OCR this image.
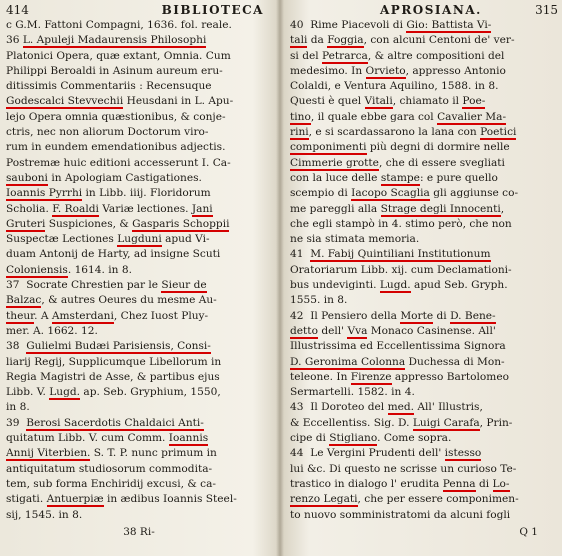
414	BIBLIOTECA
c G.M. Fattoni Compagni, 1636. fol. reale.
36 L. Apuleji Madaurensis Philosophi
Platonici Opera, quæ extant, Omnia. Cum
Philippi Beroaldi in Asinum aureum eru-
ditissimis Commentariis : Recensuque
Godescalci Stevvechii Heusdani in L. Apu-
lejo Opera omnia quæstionibus, & conje-
ctris, nec non aliorum Doctorum viro-
rum in eundem emendationibus adjectis.
Postremæ huic editioni accesserunt I. Ca-
sauboni in Apologiam Castigationes.
Ioannis Pyrrhi in Libb. iiij. Floridorum
Scholia. F. Roaldi Variæ lectiones. Jani
Gruteri Suspiciones, & Gasparis Schoppii
Suspectæ Lectiones Lugduni apud Vi-
duam Antonij de Harty, ad insigne Scuti
Coloniensis. 1614. in 8.
37  Socrate Chrestien par le Sieur de
Balzac, & autres Oeures du mesme Au-
theur. A Amsterdani, Chez Iuost Pluy-
mer. A. 1662. 12.
38  Gulielmi Budæi Parisiensis, Consi-
liarij Regij, Supplicumque Libellorum in
Regia Magistri de Asse, & partibus ejus
Libb. V. Lugd. ap. Seb. Gryphium, 1550,
in 8.
39  Berosi Sacerdotis Chaldaici Anti-
quitatum Libb. V. cum Comm. Ioannis
Annij Viterbien. S. T. P. nunc primum in
antiquitatum studiosorum commodita-
tem, sub forma Enchiridij excusi, & ca-
stigati. Antuerpiæ in ædibus Ioannis Steel-
sij, 1545. in 8.
38 Ri-
APROSIANA.	315
40  Rime Piacevoli di Gio: Battista Vi-
tali da Foggia, con alcuni Centoni de' ver-
si del Petrarca, & altre compositioni del
medesimo. In Orvieto, appresso Antonio
Colaldi, e Ventura Aquilino, 1588. in 8.
Questi è quel Vitali, chiamato il Poe-
tino, il quale ebbe gara col Cavalier Ma-
rini, e si scardassarono la lana con Poetici
componimenti più degni di dormire nelle
Cimmerie grotte, che di essere svegliati
con la luce delle stampe: e pure quello
scempio di Iacopo Scaglia gli aggiunse co-
me pareggli alla Strage degli Innocenti,
che egli stampò in 4. stimo però, che non
ne sia stimata memoria.
41  M. Fabij Quintiliani Institutionum
Oratoriarum Libb. xij. cum Declamationi-
bus undeviginti. Lugd. apud Seb. Gryph.
1555. in 8.
42  Il Pensiero della Morte di D. Bene-
detto dell' Vva Monaco Casinense. All'
Illustrissima ed Eccellentissima Signora
D. Geronima Colonna Duchessa di Mon-
teleone. In Firenze appresso Bartolomeo
Sermartelli. 1582. in 4.
43  Il Doroteo del med. All' Illustris,
& Eccellentiss. Sig. D. Luigi Carafa, Prin-
cipe di Stigliano. Come sopra.
44  Le Vergini Prudenti dell' istesso
lui &c. Di questo ne scrisse un curioso Te-
trastico in dialogo l' erudita Penna di Lo-
renzo Legati, che per essere componimen-
to nuovo somministratomi da alcuni fogli
Q 1
